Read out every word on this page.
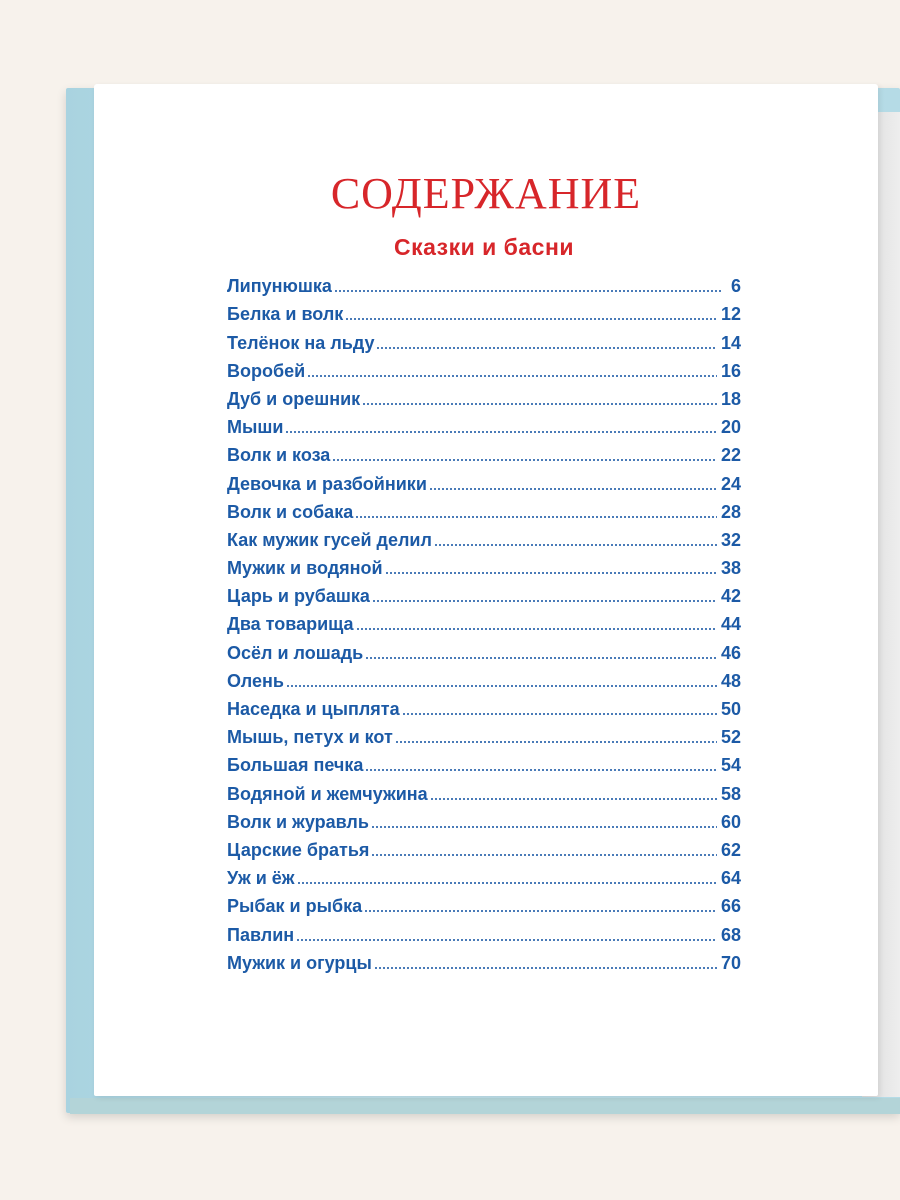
СОДЕРЖАНИЕ
Сказки и басни
Липунюшка	6
Белка и волк	12
Телёнок на льду	14
Воробей	16
Дуб и орешник	18
Мыши	20
Волк и коза	22
Девочка и разбойники	24
Волк и собака	28
Как мужик гусей делил	32
Мужик и водяной	38
Царь и рубашка	42
Два товарища	44
Осёл и лошадь	46
Олень	48
Наседка и цыплята	50
Мышь, петух и кот	52
Большая печка	54
Водяной и жемчужина	58
Волк и журавль	60
Царские братья	62
Уж и ёж	64
Рыбак и рыбка	66
Павлин	68
Мужик и огурцы	70
